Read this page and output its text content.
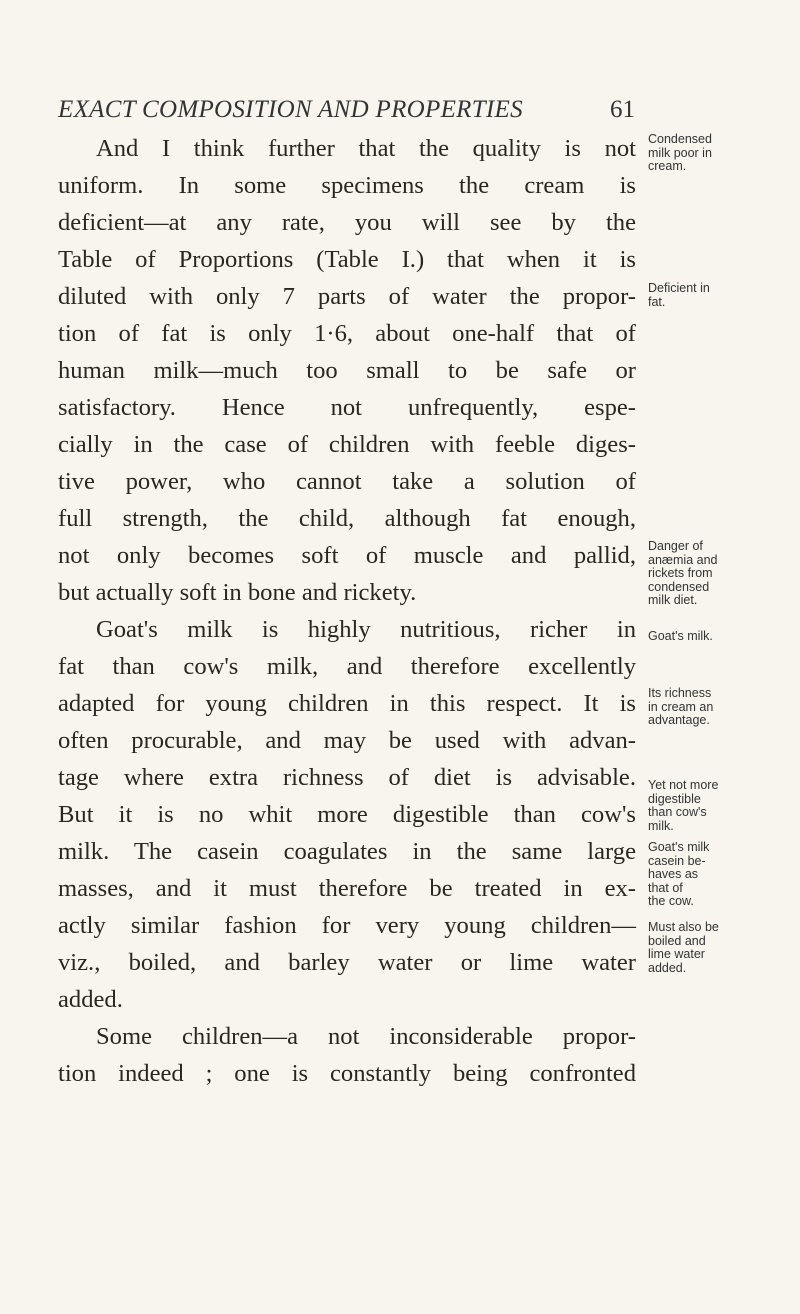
EXACT COMPOSITION AND PROPERTIES	61
And I think further that the quality is not
uniform. In some specimens the cream is
deficient—at any rate, you will see by the
Table of Proportions (Table I.) that when it is
diluted with only 7 parts of water the propor-
tion of fat is only 1·6, about one-half that of
human milk—much too small to be safe or
satisfactory. Hence not unfrequently, espe-
cially in the case of children with feeble diges-
tive power, who cannot take a solution of
full strength, the child, although fat enough,
not only becomes soft of muscle and pallid,
but actually soft in bone and rickety.
Goat's milk is highly nutritious, richer in
fat than cow's milk, and therefore excellently
adapted for young children in this respect. It is
often procurable, and may be used with advan-
tage where extra richness of diet is advisable.
But it is no whit more digestible than cow's
milk. The casein coagulates in the same large
masses, and it must therefore be treated in ex-
actly similar fashion for very young children—
viz., boiled, and barley water or lime water
added.
Some children—a not inconsiderable propor-
tion indeed ; one is constantly being confronted
Condensed
milk poor in
cream.
Deficient in
fat.
Danger of
anæmia and
rickets from
condensed
milk diet.
Goat's milk.
Its richness
in cream an
advantage.
Yet not more
digestible
than cow's
milk.
Goat's milk
casein be-
haves as
that of
the cow.
Must also be
boiled and
lime water
added.
